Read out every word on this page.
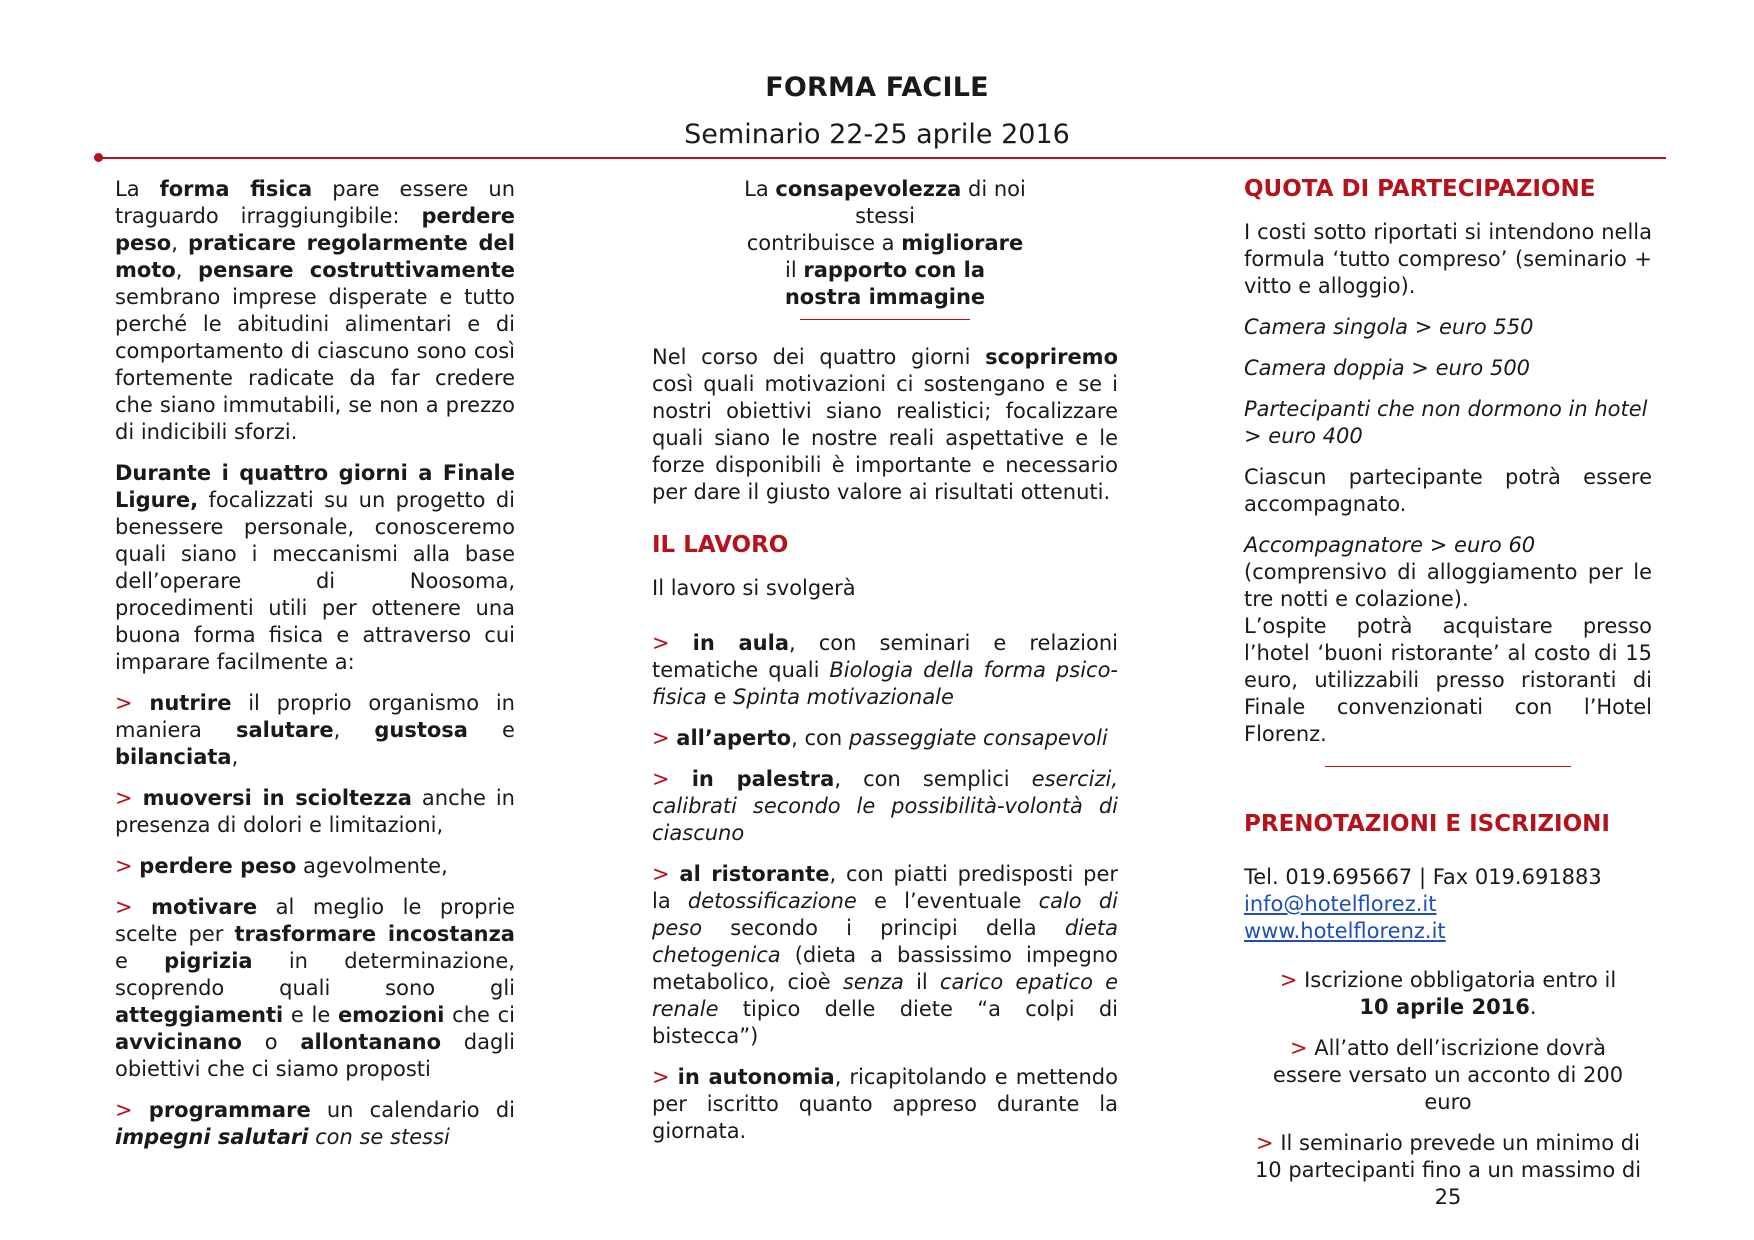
FORMA FACILE
Seminario 22-25 aprile 2016

La forma fisica pare essere un traguardo irraggiungibile: perdere peso, praticare regolarmente del moto, pensare costruttivamente sembrano imprese disperate e tutto perché le abitudini alimentari e di comportamento di ciascuno sono così fortemente radicate da far credere che siano immutabili, se non a prezzo di indicibili sforzi.

Durante i quattro giorni a Finale Ligure, focalizzati su un progetto di benessere personale, conosceremo quali siano i meccanismi alla base dell’operare di Noosoma, procedimenti utili per ottenere una buona forma fisica e attraverso cui imparare facilmente a:

> nutrire il proprio organismo in maniera salutare, gustosa e bilanciata,

> muoversi in scioltezza anche in presenza di dolori e limitazioni,

> perdere peso agevolmente,

> motivare al meglio le proprie scelte per trasformare incostanza e pigrizia in determinazione, scoprendo quali sono gli atteggiamenti e le emozioni che ci avvicinano o allontanano dagli obiettivi che ci siamo proposti

> programmare un calendario di impegni salutari con se stessi

La consapevolezza di noi stessi
contribuisce a migliorare
il rapporto con la
nostra immagine

Nel corso dei quattro giorni scopriremo così quali motivazioni ci sostengano e se i nostri obiettivi siano realistici; focalizzare quali siano le nostre reali aspettative e le forze disponibili è importante e necessario per dare il giusto valore ai risultati ottenuti.

IL LAVORO

Il lavoro si svolgerà

> in aula, con seminari e relazioni tematiche quali Biologia della forma psico-fisica e Spinta motivazionale

> all’aperto, con passeggiate consapevoli

> in palestra, con semplici esercizi, calibrati secondo le possibilità-volontà di ciascuno

> al ristorante, con piatti predisposti per la detossificazione e l’eventuale calo di peso secondo i principi della dieta chetogenica (dieta a bassissimo impegno metabolico, cioè senza il carico epatico e renale tipico delle diete “a colpi di bistecca”)

> in autonomia, ricapitolando e mettendo per iscritto quanto appreso durante la giornata.

QUOTA DI PARTECIPAZIONE

I costi sotto riportati si intendono nella formula ‘tutto compreso’ (seminario + vitto e alloggio).

Camera singola > euro 550

Camera doppia > euro 500

Partecipanti che non dormono in hotel > euro 400

Ciascun partecipante potrà essere accompagnato.

Accompagnatore > euro 60
(comprensivo di alloggiamento per le tre notti e colazione).
L’ospite potrà acquistare presso l’hotel ‘buoni ristorante’ al costo di 15 euro, utilizzabili presso ristoranti di Finale convenzionati con l’Hotel Florenz.

PRENOTAZIONI E ISCRIZIONI

Tel. 019.695667 | Fax 019.691883
info@hotelflorez.it
www.hotelflorenz.it

> Iscrizione obbligatoria entro il
10 aprile 2016.

> All’atto dell’iscrizione dovrà essere versato un acconto di 200 euro

> Il seminario prevede un minimo di 10 partecipanti fino a un massimo di 25
